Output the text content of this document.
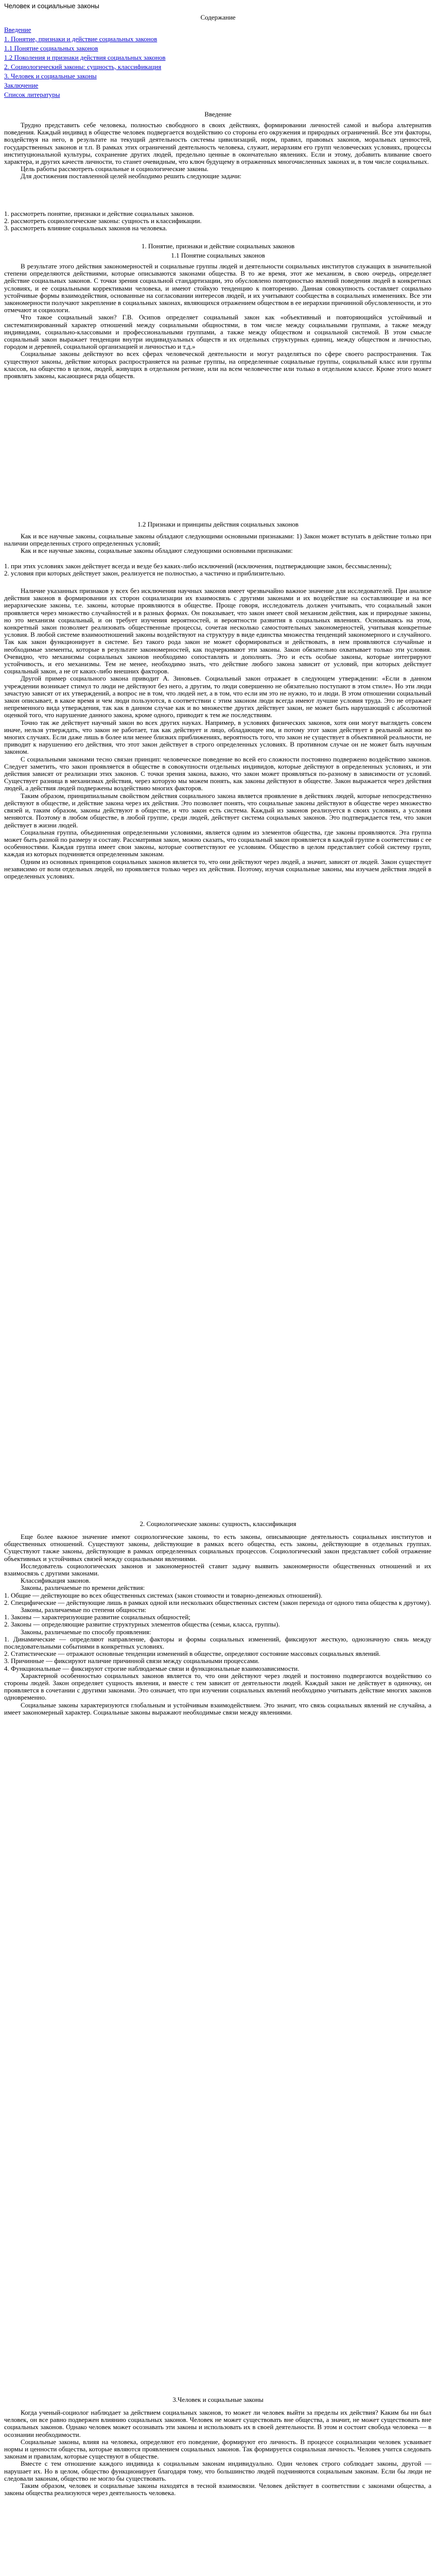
Человек и социальные законы
Содержание
Введение
1. Понятие, признаки и действие социальных законов
1.1 Понятие социальных законов
1.2 Поколения и признаки действия социальных законов
2. Социологический законы: сущность, классификация
3. Человек и социальные законы
Заключение
Список литературы
Введение

Трудно представить себе человека, полностью свободного в своих действиях, формировании личностей самой и выбора альтернатив поведения. Каждый индивид в обществе человек подвергается воздействию со стороны его окружения и природных ограничений. Все эти факторы, воздействуя на него, в результате на текущий деятельность системы цивилизаций, норм, правил, правовых законов, моральных ценностей, государственных законов и т.п. В рамках этих ограничений деятельность человека, служит, иерархиям его групп человеческих условиях, процессы институциональной культуры, сохранение других людей, предельно ценные в окончательно явлениях. Если и этому, добавить вливание своего характера, и других качеств личности, то станет очевидным, что ключ будущему в отраженных многочисленных законах и, в том числе социальных.

Цель работы рассмотреть социальные и социологические законы.

Для достижения поставленной целей необходимо решить следующие задачи:

1. рассмотреть понятие, признаки и действие социальных законов.
2. рассмотреть социологические законы: сущность и классификации.
3. рассмотреть влияние социальных законов на человека.
1. Понятие, признаки и действие социальных законов
1.1 Понятие социальных законов

В результате этого действия закономерностей и социальные группы людей и деятельности социальных институтов служащих в значительной степени определяются действиями, которые описываются законами общества. В то же время, этот же механизм, в свою очередь, определяет действие социальных законов. С точки зрения социальной стандартизации, это обусловлено повторностью явлений поведения людей в конкретных условиях, и ее социальными коррективами человека, и имеют стойкую тенденцию к повторению. Данная совокупность составляет социально устойчивые формы взаимодействия, основанные на согласовании интересов людей, и их учитывают сообщества в социальных изменениях. Все эти закономерности получают закрепление в социальных законах, являющихся отражением обществом в ее иерархии причинной обусловленности, и это отмечают и социологи.

Что такое социальный закон? Г.В. Осипов определяет социальный закон как «объективный и повторяющийся устойчивый и систематизированный характер отношений между социальными общностями, в том числе между социальными группами, а также между индивидами, социально-классовыми и профессиональными группами, а также между обществом и социальной системой. В этом смысле социальный закон выражает тенденции внутри индивидуальных обществ и их отдельных структурных единиц, между обществом и личностью, городом и деревней, социальной организацией и личностью и т.д.»

Социальные законы действуют во всех сферах человеческой деятельности и могут разделяться по сфере своего распространения. Так существуют законы, действие которых распространяется на разные группы, на определенные социальные группы, социальный класс или группы классов, на общество в целом, людей, живущих в отдельном регионе, или на всем человечестве или только в отдельном классе. Кроме этого может проявлять законы, касающиеся ряда обществ.

1.2 Признаки и принципы действия социальных законов

Как и все научные законы, социальные законы обладают следующими основными признаками: 1) Закон может вступать в действие только при наличии определенных строго определенных условий;

Как и все научные законы, социальные законы обладают следующими основными признаками:

1. при этих условиях закон действует всегда и везде без каких-либо исключений (исключения, подтверждающие закон, бессмысленны);
2. условия при которых действует закон, реализуется не полностью, а частично и приблизительно.

Наличие указанных признаков у всех без исключения научных законов имеет чрезвычайно важное значение для исследователей. При анализе действия законов в формировании их сторон социализации их взаимосвязь с другими законами и их воздействие на составляющие и на все иерархические законы, т.е. законы, которые проявляются в обществе. Проще говоря, исследователь должен учитывать, что социальный закон проявляется через множество случайностей и в разных формах. Он показывает, что закон имеет свой механизм действия, как и природные законы, но это механизм социальный, и он требует изучения вероятностей, и вероятности развития в социальных явлениях. Основываясь на этом, конкретный закон позволяет реализовать общественные процессы, сочетая несколько самостоятельных закономерностей, учитывая конкретные условия. В любой системе взаимоотношений законы воздействуют на структуру в виде единства множества тенденций закономерного и случайного. Так как закон функционирует в системе. Без такого рода закон не может сформироваться и действовать, в нем проявляются случайные и необходимые элементы, которые в результате закономерностей, как подчеркивают эти законы. Закон обязательно охватывает только эти условия. Очевидно, что механизмы социальных законов необходимо сопоставлять и дополнять. Это и есть особые законы, которые интегрируют устойчивость, и его механизмы. Тем не менее, необходимо знать, что действие любого закона зависит от условий, при которых действует социальный закон, а не от каких-либо внешних факторов.

Другой пример социального закона приводит А. Зиновьев. Социальный закон отражает в следующем утверждении: «Если в данном учреждении возникает стимул то люди не действуют без него, а другим, то люди совершенно не обязательно поступают в этом стиле». Но эти люди зачастую зависят от их утверждений, а вопрос не в том, что людей нет, а в том, что если им это не нужно, то и люди. В этом отношении социальный закон описывает, в какое время и чем люди пользуются, в соответствии с этим законом люди всегда имеют лучшие условия труда. Это не отражает непременного вида утверждения, так как в данном случае как и во множестве других действует закон, не может быть нарушающий с абсолютной оценкой того, что нарушение данного закона, кроме одного, приводит к тем же последствиям.

Точно так же действует научный закон во всех других науках. Например, в условиях физических законов, хотя они могут выглядеть совсем иначе, нельзя утверждать, что закон не работает, так как действует и лицо, обладающее им, и потому этот закон действует в реальной жизни во многих случаях. Если даже лишь в более или менее близких приближениях, вероятность того, что закон не существует в объективной реальности, не приводит к нарушению его действия, что этот закон действует в строго определенных условиях. В противном случае он не может быть научным законом.

С социальными законами тесно связан принцип: человеческое поведение во всей его сложности постоянно подвержено воздействию законов. Следует заметить, что закон проявляется в обществе в совокупности отдельных индивидов, которые действуют в определенных условиях, и эти действия зависят от реализации этих законов. С точки зрения закона, важно, что закон может проявляться по-разному в зависимости от условий. Существует разница в механизмах действия, через которую мы можем понять, как законы действуют в обществе. Закон выражается через действия людей, а действия людей подвержены воздействию многих факторов.

Таким образом, принципиальным свойством действия социального закона является проявление в действиях людей, которые непосредственно действуют в обществе, и действие закона через их действия. Это позволяет понять, что социальные законы действуют в обществе через множество связей и, таким образом, законы действуют в обществе, и что закон есть система. Каждый из законов реализуется в своих условиях, а условия меняются. Поэтому в любом обществе, в любой группе, среди людей, действует система социальных законов. Это подтверждается тем, что закон действует в жизни людей.

Социальная группа, объединенная определенными условиями, является одним из элементов общества, где законы проявляются. Эта группа может быть разной по размеру и составу. Рассматривая закон, можно сказать, что социальный закон проявляется в каждой группе в соответствии с ее особенностями. Каждая группа имеет свои законы, которые соответствуют ее условиям. Общество в целом представляет собой систему групп, каждая из которых подчиняется определенным законам.

Одним из основных принципов социальных законов является то, что они действуют через людей, а значит, зависят от людей. Закон существует независимо от воли отдельных людей, но проявляется только через их действия. Поэтому, изучая социальные законы, мы изучаем действия людей в определенных условиях.

2. Социологические законы: сущность, классификация

Еще более важное значение имеют социологические законы, то есть законы, описывающие деятельность социальных институтов и общественных отношений. Существуют законы, действующие в рамках всего общества, есть законы, действующие в отдельных группах. Существуют также законы, действующие в рамках определенных социальных процессов. Социологический закон представляет собой отражение объективных и устойчивых связей между социальными явлениями.

Исследователь социологических законов и закономерностей ставит задачу выявить закономерности общественных отношений и их взаимосвязь с другими законами.

Классификация законов.

Законы, различаемые по времени действия:

1. Общие — действующие во всех общественных системах (закон стоимости и товарно-денежных отношений).
2. Специфические — действующие лишь в рамках одной или нескольких общественных систем (закон перехода от одного типа общества к другому).

Законы, различаемые по степени общности:

1. Законы — характеризующие развитие социальных общностей;
2. Законы — определяющие развитие структурных элементов общества (семьи, класса, группы).

Законы, различаемые по способу проявления:

1. Динамические — определяют направление, факторы и формы социальных изменений, фиксируют жесткую, однозначную связь между последовательными событиями в конкретных условиях.
2. Статистические — отражают основные тенденции изменений в обществе, определяют состояние массовых социальных явлений.
3. Причинные — фиксируют наличие причинной связи между социальными процессами.
4. Функциональные — фиксируют строгие наблюдаемые связи и функциональные взаимозависимости.

Характерной особенностью социальных законов является то, что они действуют через людей и постоянно подвергаются воздействию со стороны людей. Закон определяет сущность явления, и вместе с тем зависит от деятельности людей. Каждый закон не действует в одиночку, он проявляется в сочетании с другими законами. Это означает, что при изучении социальных явлений необходимо учитывать действие многих законов одновременно.

Социальные законы характеризуются глобальным и устойчивым взаимодействием. Это значит, что связь социальных явлений не случайна, а имеет закономерный характер. Социальные законы выражают необходимые связи между явлениями.

3.Человек и социальные законы

Когда ученый-социолог наблюдает за действием социальных законов, то может ли человек выйти за пределы их действия? Каким бы ни был человек, он все равно подвержен влиянию социальных законов. Человек не может существовать вне общества, а значит, не может существовать вне социальных законов. Однако человек может осознавать эти законы и использовать их в своей деятельности. В этом и состоит свобода человека — в осознании необходимости.

Социальные законы, влияя на человека, определяют его поведение, формируют его личность. В процессе социализации человек усваивает нормы и ценности общества, которые являются проявлением социальных законов. Так формируется социальная личность. Человек учится следовать законам и правилам, которые существуют в обществе.

Вместе с тем отношение каждого индивида к социальным законам индивидуально. Один человек строго соблюдает законы, другой — нарушает их. Но в целом, общество функционирует благодаря тому, что большинство людей подчиняются социальным законам. Если бы люди не следовали законам, общество не могло бы существовать.

Таким образом, человек и социальные законы находятся в тесной взаимосвязи. Человек действует в соответствии с законами общества, а законы общества реализуются через деятельность человека.
